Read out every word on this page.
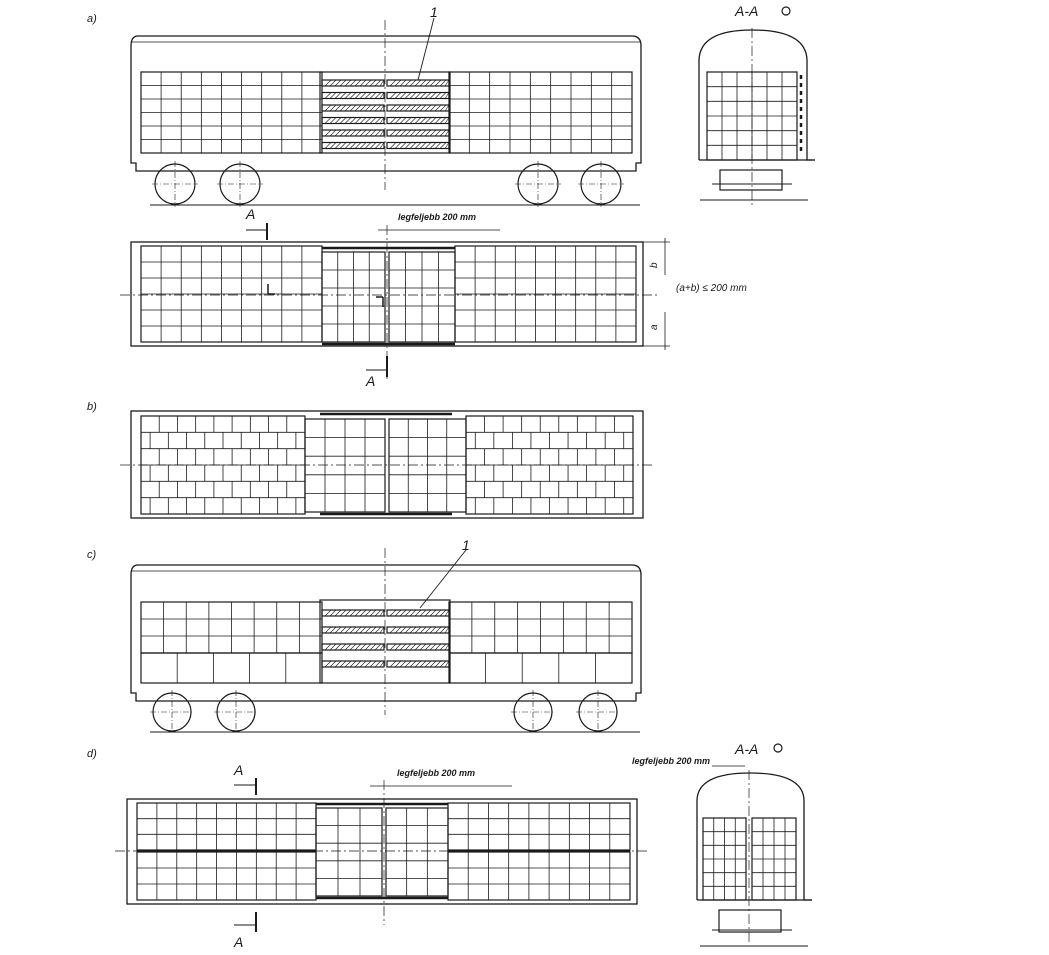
a)
b)
c)
d)
A-A
A-A
1
1
legfeljebb 200 mm
legfeljebb 200 mm
legfeljebb 200 mm
(a+b) ≤ 200 mm
b
a
A
A
A
A
